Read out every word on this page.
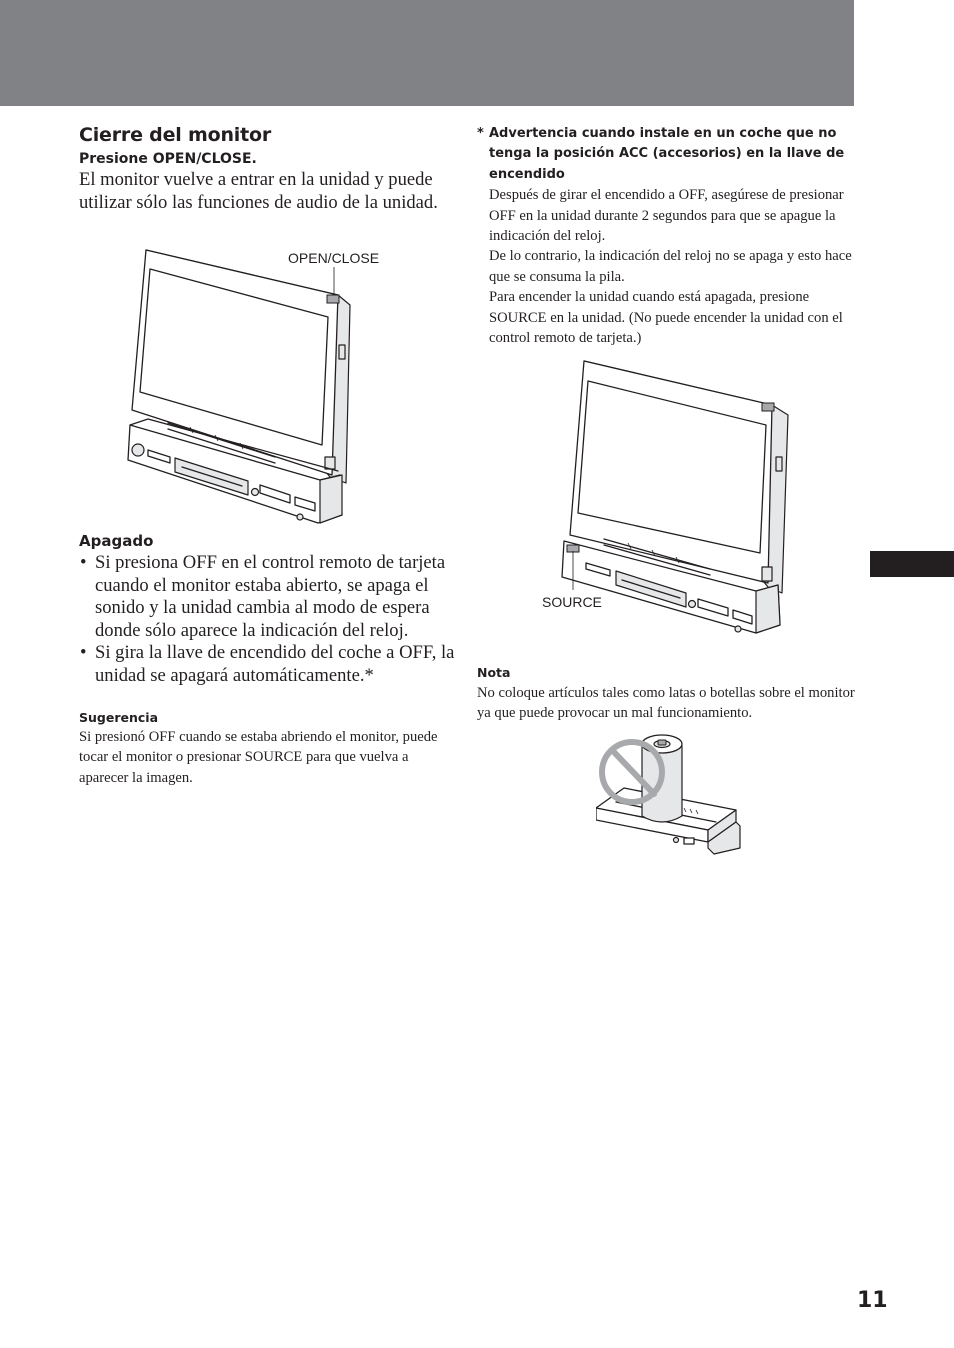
Cierre del monitor
Presione OPEN/CLOSE.

El monitor vuelve a entrar en la unidad y puede utilizar sólo las funciones de audio de la unidad.

OPEN/CLOSE
Apagado
• Si presiona OFF en el control remoto de tarjeta cuando el monitor estaba abierto, se apaga el sonido y la unidad cambia al modo de espera donde sólo aparece la indicación del reloj.
• Si gira la llave de encendido del coche a OFF, la unidad se apagará automáticamente.*
Sugerencia

Si presionó OFF cuando se estaba abriendo el monitor, puede tocar el monitor o presionar SOURCE para que vuelva a aparecer la imagen.

* Advertencia cuando instale en un coche que no tenga la posición ACC (accesorios) en la llave de encendido

Después de girar el encendido a OFF, asegúrese de presionar OFF en la unidad durante 2 segundos para que se apague la indicación del reloj.

De lo contrario, la indicación del reloj no se apaga y esto hace que se consuma la pila.

Para encender la unidad cuando está apagada, presione SOURCE en la unidad. (No puede encender la unidad con el control remoto de tarjeta.)

SOURCE
Nota

No coloque artículos tales como latas o botellas sobre el monitor ya que puede provocar un mal funcionamiento.

11
